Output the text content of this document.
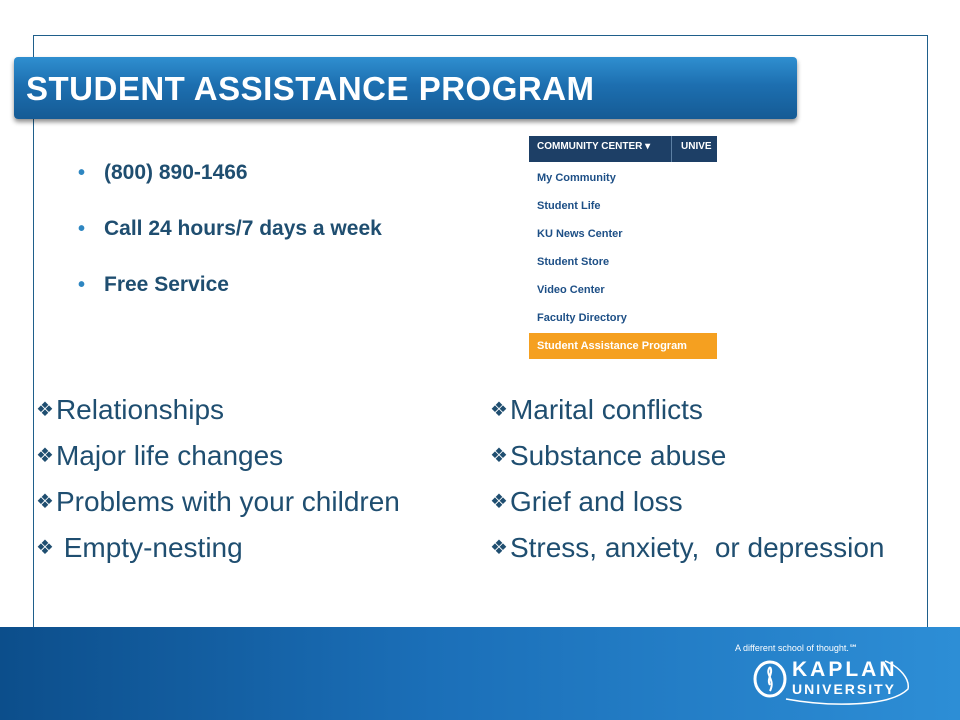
STUDENT ASSISTANCE PROGRAM
• (800) 890-1466
• Call 24 hours/7 days a week
• Free Service
COMMUNITY CENTER ▾	UNIVE
My Community
Student Life
KU News Center
Student Store
Video Center
Faculty Directory
Student Assistance Program
❖Relationships
❖Major life changes
❖Problems with your children
❖ Empty-nesting
❖Marital conflicts
❖Substance abuse
❖Grief and loss
❖Stress, anxiety,  or depression
A different school of thought.℠
KAPLAN
UNIVERSITY
